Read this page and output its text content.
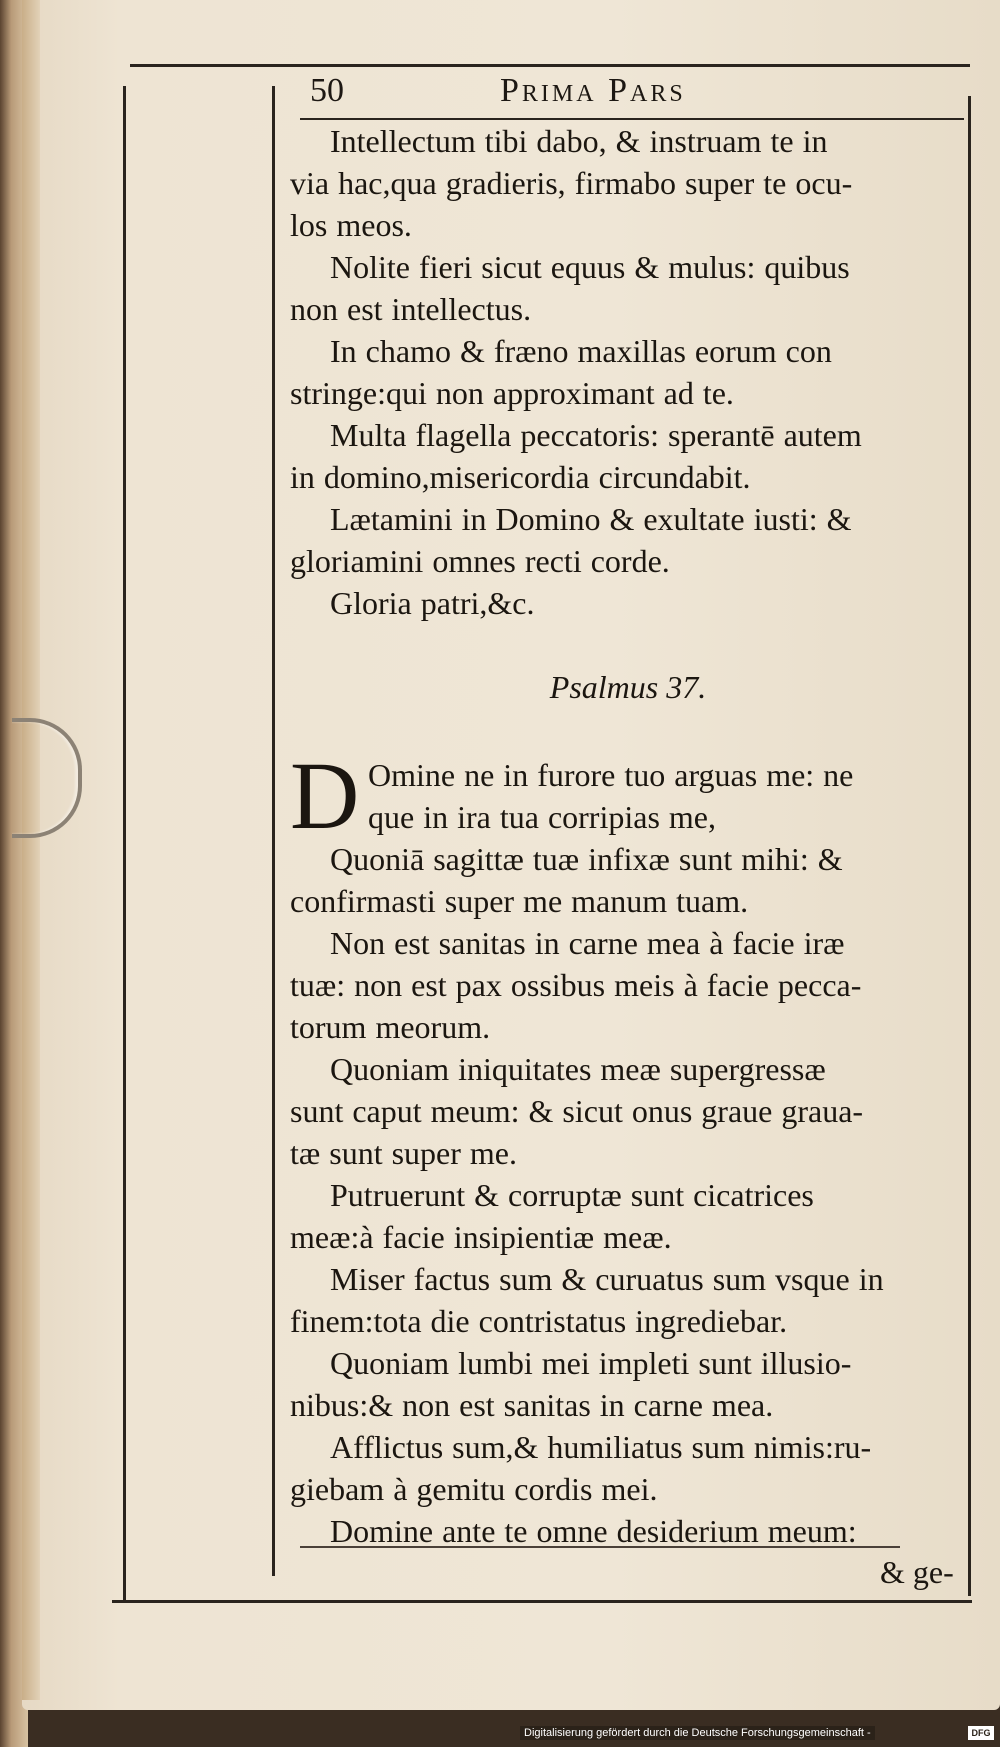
50	Prima Pars
Intellectum tibi dabo, & instruam te in
via hac,qua gradieris, firmabo super te ocu-
los meos.
Nolite fieri sicut equus & mulus: quibus
non est intellectus.
In chamo & fræno maxillas eorum con
stringe:qui non approximant ad te.
Multa flagella peccatoris: sperantē autem
in domino,misericordia circundabit.
Lætamini in Domino & exultate iusti: &
gloriamini omnes recti corde.
Gloria patri,&c.
Psalmus 37.
D Omine ne in furore tuo arguas me: ne
que in ira tua corripias me,
Quoniā sagittæ tuæ infixæ sunt mihi: &
confirmasti super me manum tuam.
Non est sanitas in carne mea à facie iræ
tuæ: non est pax ossibus meis à facie pecca-
torum meorum.
Quoniam iniquitates meæ supergressæ
sunt caput meum: & sicut onus graue grauа-
tæ sunt super me.
Putruerunt & corruptæ sunt cicatrices
meæ:à facie insipientiæ meæ.
Miser factus sum & curuatus sum vsque in
finem:tota die contristatus ingrediebar.
Quoniam lumbi mei impleti sunt illusio-
nibus:& non est sanitas in carne mea.
Afflictus sum,& humiliatus sum nimis:ru-
giebam à gemitu cordis mei.
Domine ante te omne desiderium meum:
& ge-
Digitalisierung gefördert durch die Deutsche Forschungsgemeinschaft -	DFG
